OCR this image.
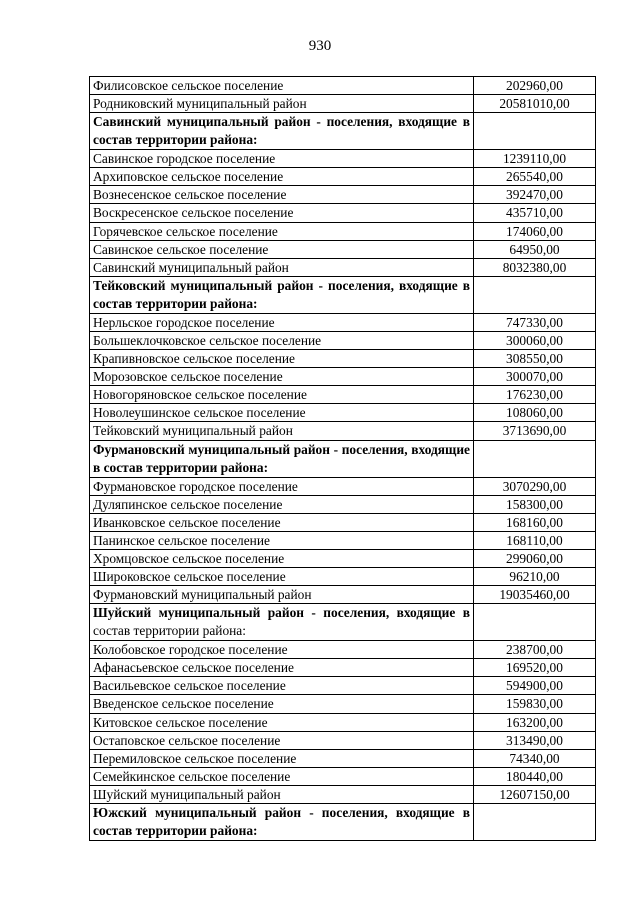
930
Филисовское сельское поселение	202960,00
Родниковский муниципальный район	20581010,00
Савинский муниципальный район - поселения, входящие в состав территории района:	
Савинское городское поселение	1239110,00
Архиповское сельское поселение	265540,00
Вознесенское сельское поселение	392470,00
Воскресенское сельское поселение	435710,00
Горячевское сельское поселение	174060,00
Савинское сельское поселение	64950,00
Савинский муниципальный район	8032380,00
Тейковский муниципальный район - поселения, входящие в состав территории района:	
Нерльское городское поселение	747330,00
Большеклочковское сельское поселение	300060,00
Крапивновское сельское поселение	308550,00
Морозовское сельское поселение	300070,00
Новогоряновское сельское поселение	176230,00
Новолеушинское сельское поселение	108060,00
Тейковский муниципальный район	3713690,00
Фурмановский муниципальный район - поселения, входящие в состав территории района:	
Фурмановское городское поселение	3070290,00
Дуляпинское сельское поселение	158300,00
Иванковское сельское поселение	168160,00
Панинское сельское поселение	168110,00
Хромцовское сельское поселение	299060,00
Широковское сельское поселение	96210,00
Фурмановский муниципальный район	19035460,00
Шуйский муниципальный район - поселения, входящие в состав территории района:	
Колобовское городское поселение	238700,00
Афанасьевское сельское поселение	169520,00
Васильевское сельское поселение	594900,00
Введенское сельское поселение	159830,00
Китовское сельское поселение	163200,00
Остаповское сельское поселение	313490,00
Перемиловское сельское поселение	74340,00
Семейкинское сельское поселение	180440,00
Шуйский муниципальный район	12607150,00
Южский муниципальный район - поселения, входящие в состав территории района:	
